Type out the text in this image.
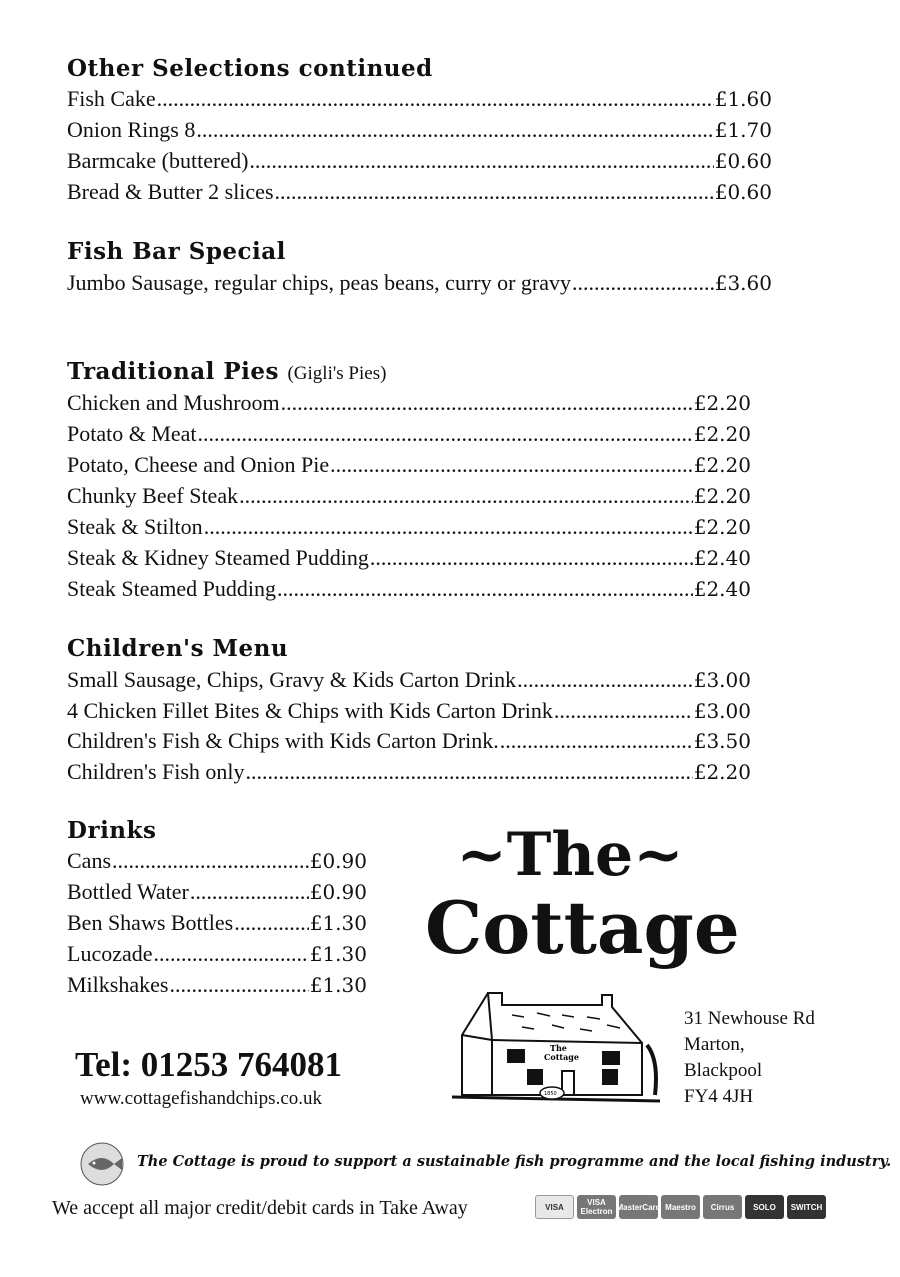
Other Selections continued
Fish Cake .....	£1.60
Onion Rings 8 .....	£1.70
Barmcake (buttered) .....	£0.60
Bread & Butter 2 slices .....	£0.60
Fish Bar Special
Jumbo Sausage, regular chips, peas beans, curry or gravy .....	£3.60
Traditional Pies (Gigli's Pies)
Chicken and Mushroom .....	£2.20
Potato & Meat .....	£2.20
Potato, Cheese and Onion Pie .....	£2.20
Chunky Beef Steak .....	£2.20
Steak & Stilton .....	£2.20
Steak & Kidney Steamed Pudding .....	£2.40
Steak Steamed Pudding .....	£2.40
Children's Menu
Small Sausage, Chips, Gravy & Kids Carton Drink .....	£3.00
4 Chicken Fillet Bites & Chips with Kids Carton Drink .....	£3.00
Children's Fish & Chips with Kids Carton Drink. .....	£3.50
Children's Fish only .....	£2.20
Drinks
Cans .....	£0.90
Bottled Water .....	£0.90
Ben Shaws Bottles .....	£1.30
Lucozade .....	£1.30
Milkshakes .....	£1.30
~The~
Cottage
The
Cottage
1850
31 Newhouse Rd
Marton,
Blackpool
FY4 4JH
Tel: 01253 764081
www.cottagefishandchips.co.uk
The Cottage is proud to support a sustainable fish programme and the local fishing industry.
We accept all major credit/debit cards in Take Away	VISA	VISA Electron MasterCard Maestro	Cirrus	SOLO	SWITCH
